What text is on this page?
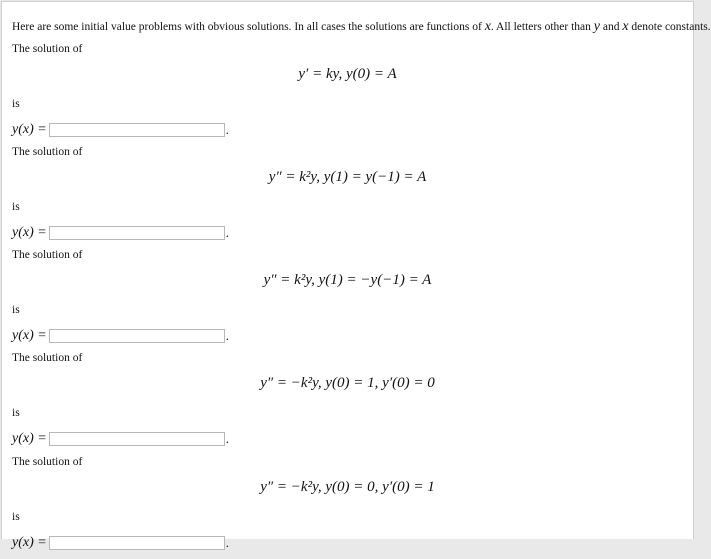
Here are some initial value problems with obvious solutions. In all cases the solutions are functions of x. All letters other than y and x denote constants.
The solution of
y′ = ky, y(0) = A
is
y(x) =	.
The solution of
y″ = k²y, y(1) = y(−1) = A
is
y(x) =	.
The solution of
y″ = k²y, y(1) = −y(−1) = A
is
y(x) =	.
The solution of
y″ = −k²y, y(0) = 1, y′(0) = 0
is
y(x) =	.
The solution of
y″ = −k²y, y(0) = 0, y′(0) = 1
is
y(x) =	.
